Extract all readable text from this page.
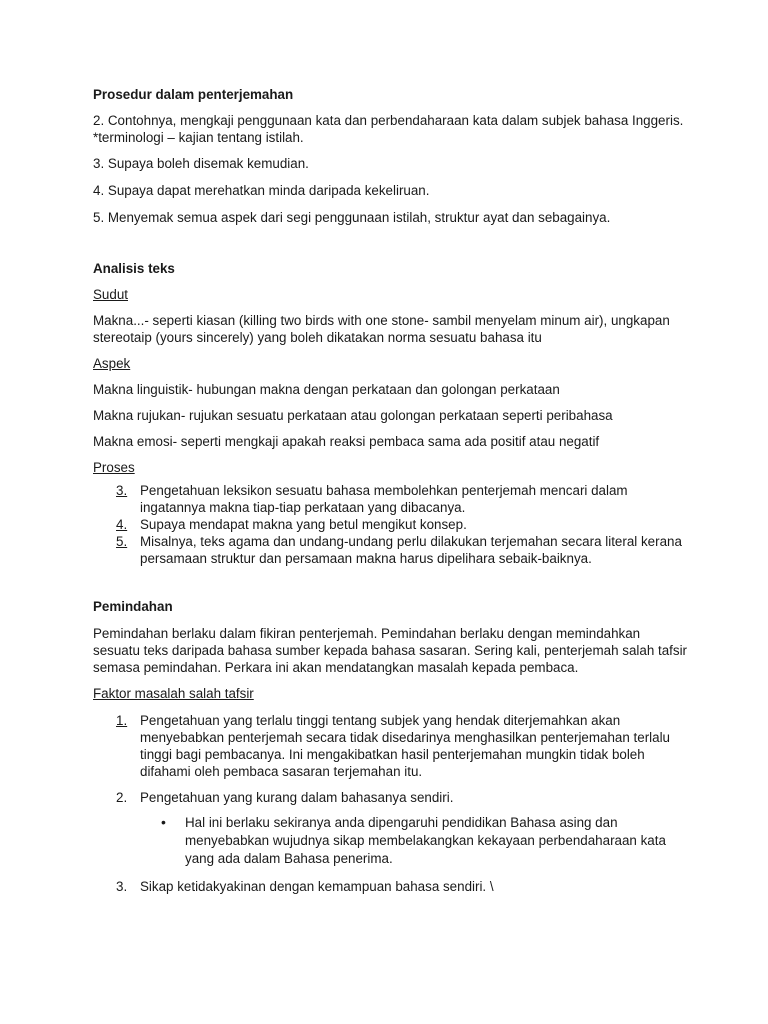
Prosedur dalam penterjemahan

2. Contohnya, mengkaji penggunaan kata dan perbendaharaan kata dalam subjek bahasa Inggeris. *terminologi – kajian tentang istilah.

3. Supaya boleh disemak kemudian.

4. Supaya dapat merehatkan minda daripada kekeliruan.

5. Menyemak semua aspek dari segi penggunaan istilah, struktur ayat dan sebagainya.

Analisis teks

Sudut

Makna...- seperti kiasan (killing two birds with one stone- sambil menyelam minum air), ungkapan stereotaip (yours sincerely) yang boleh dikatakan norma sesuatu bahasa itu

Aspek

Makna linguistik- hubungan makna dengan perkataan dan golongan perkataan

Makna rujukan- rujukan sesuatu perkataan atau golongan perkataan seperti peribahasa

Makna emosi- seperti mengkaji apakah reaksi pembaca sama ada positif atau negatif

Proses

3. Pengetahuan leksikon sesuatu bahasa membolehkan penterjemah mencari dalam ingatannya makna tiap-tiap perkataan yang dibacanya.
4. Supaya mendapat makna yang betul mengikut konsep.
5. Misalnya, teks agama dan undang-undang perlu dilakukan terjemahan secara literal kerana persamaan struktur dan persamaan makna harus dipelihara sebaik-baiknya.

Pemindahan

Pemindahan berlaku dalam fikiran penterjemah. Pemindahan berlaku dengan memindahkan sesuatu teks daripada bahasa sumber kepada bahasa sasaran. Sering kali, penterjemah salah tafsir semasa pemindahan. Perkara ini akan mendatangkan masalah kepada pembaca.

Faktor masalah salah tafsir

1. Pengetahuan yang terlalu tinggi tentang subjek yang hendak diterjemahkan akan menyebabkan penterjemah secara tidak disedarinya menghasilkan penterjemahan terlalu tinggi bagi pembacanya. Ini mengakibatkan hasil penterjemahan mungkin tidak boleh difahami oleh pembaca sasaran terjemahan itu.
2. Pengetahuan yang kurang dalam bahasanya sendiri.
•	Hal ini berlaku sekiranya anda dipengaruhi pendidikan Bahasa asing dan menyebabkan wujudnya sikap membelakangkan kekayaan perbendaharaan kata yang ada dalam Bahasa penerima.
3. Sikap ketidakyakinan dengan kemampuan bahasa sendiri. \
